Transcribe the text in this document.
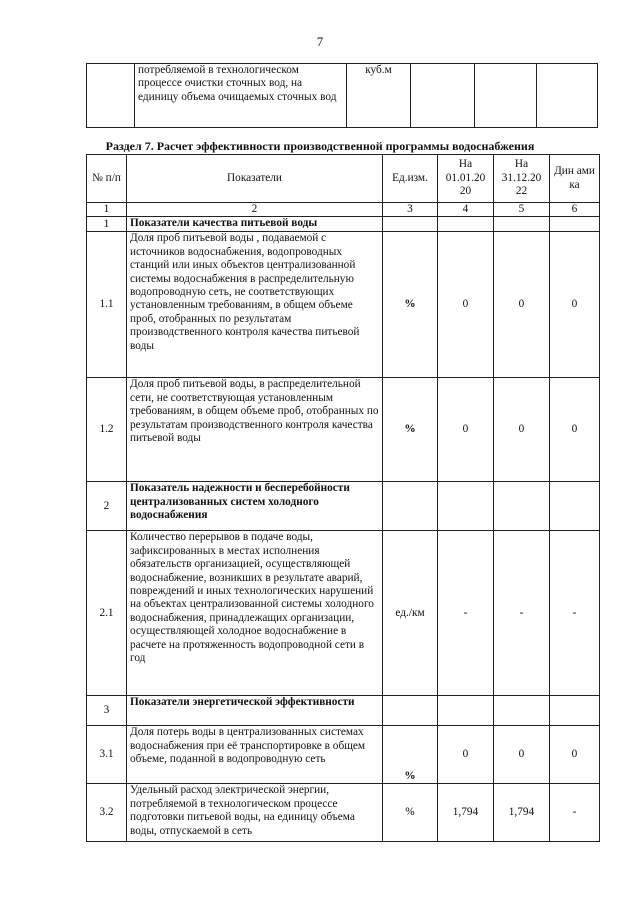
7
	потребляемой в технологическом процессе очистки сточных вод, на единицу объема очищаемых сточных вод	куб.м			
Раздел 7. Расчет эффективности производственной программы водоснабжения
№ п/п	Показатели	Ед.изм.	На 01.01.20 20	На 31.12.20 22	Дин ами ка
1	2	3	4	5	6
1	Показатели качества питьевой воды				
1.1	Доля проб питьевой воды , подаваемой с источников водоснабжения, водопроводных станций или иных объектов централизованной системы водоснабжения в распределительную водопроводную сеть, не соответствующих установленным требованиям, в общем объеме проб, отобранных по результатам производственного контроля качества питьевой воды	%	0	0	0
1.2	Доля проб питьевой воды, в распределительной сети, не соответствующая установленным требованиям, в общем объеме проб, отобранных по результатам производственного контроля качества питьевой воды	%	0	0	0
2	Показатель надежности и бесперебойности централизованных систем холодного водоснабжения				
2.1	Количество перерывов в подаче воды, зафиксированных в местах исполнения обязательств организацией, осуществляющей водоснабжение, возникших в результате аварий, повреждений и иных технологических нарушений на объектах централизованной системы холодного водоснабжения, принадлежащих организации, осуществляющей холодное водоснабжение в расчете на протяженность водопроводной сети в год	ед./км	-	-	-
3	Показатели энергетической эффективности				
3.1	Доля потерь воды в централизованных системах водоснабжения при её транспортировке в общем объеме, поданной в водопроводную сеть	%	0	0	0
3.2	Удельный расход электрической энергии, потребляемой в технологическом процессе подготовки питьевой воды, на единицу объема воды, отпускаемой в сеть	%	1,794	1,794	-
